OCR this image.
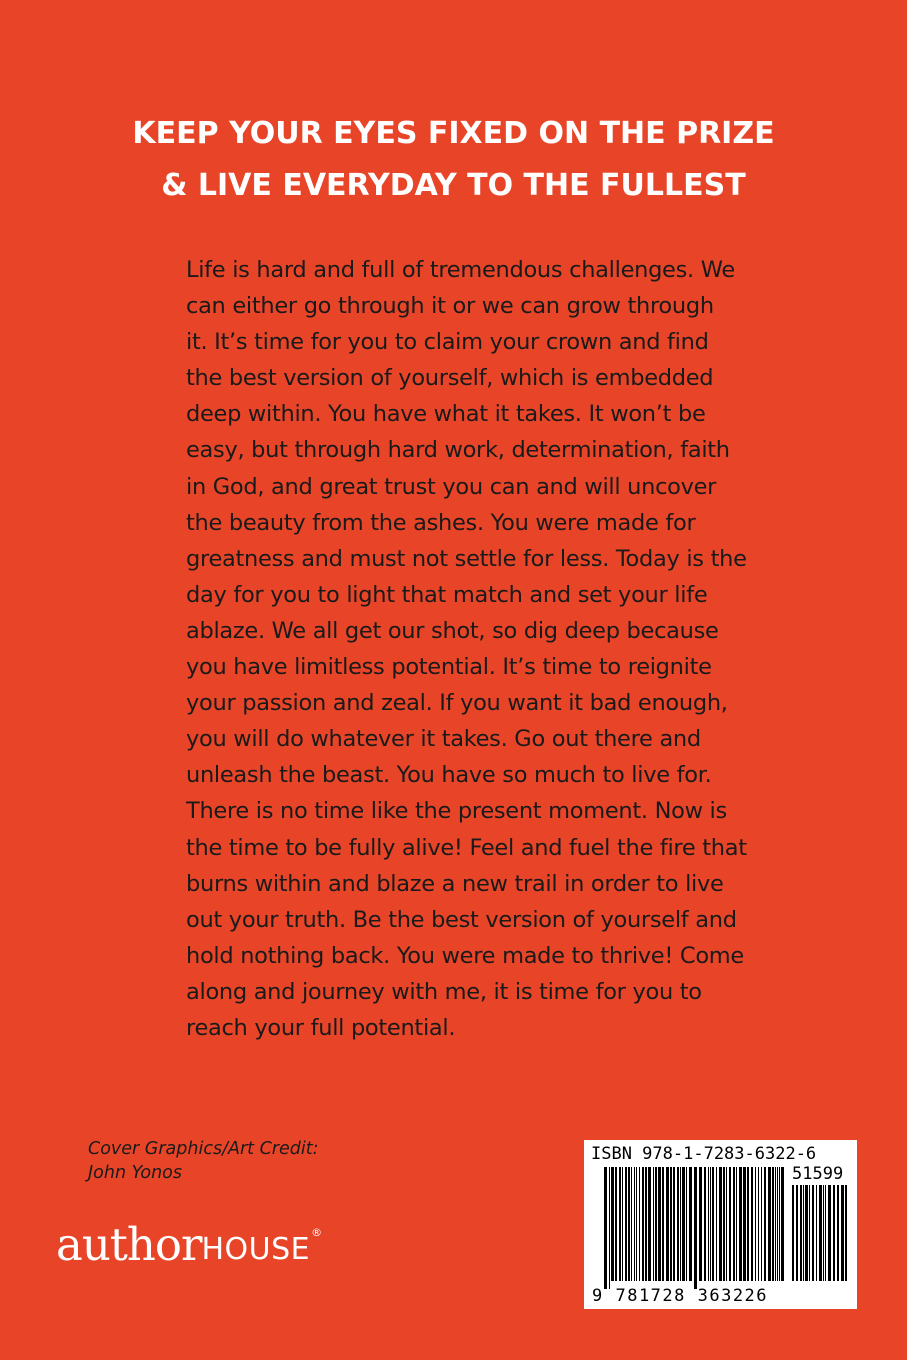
KEEP YOUR EYES FIXED ON THE PRIZE
& LIVE EVERYDAY TO THE FULLEST
Life is hard and full of tremendous challenges. We
can either go through it or we can grow through
it. It’s time for you to claim your crown and find
the best version of yourself, which is embedded
deep within. You have what it takes. It won’t be
easy, but through hard work, determination, faith
in God, and great trust you can and will uncover
the beauty from the ashes. You were made for
greatness and must not settle for less. Today is the
day for you to light that match and set your life
ablaze. We all get our shot, so dig deep because
you have limitless potential. It’s time to reignite
your passion and zeal. If you want it bad enough,
you will do whatever it takes. Go out there and
unleash the beast. You have so much to live for.
There is no time like the present moment. Now is
the time to be fully alive! Feel and fuel the fire that
burns within and blaze a new trail in order to live
out your truth. Be the best version of yourself and
hold nothing back. You were made to thrive! Come
along and journey with me, it is time for you to
reach your full potential.
Cover Graphics/Art Credit:
John Yonos
authorHOUSE®
ISBN 978-1-7283-6322-6
51599
9 781728 363226
